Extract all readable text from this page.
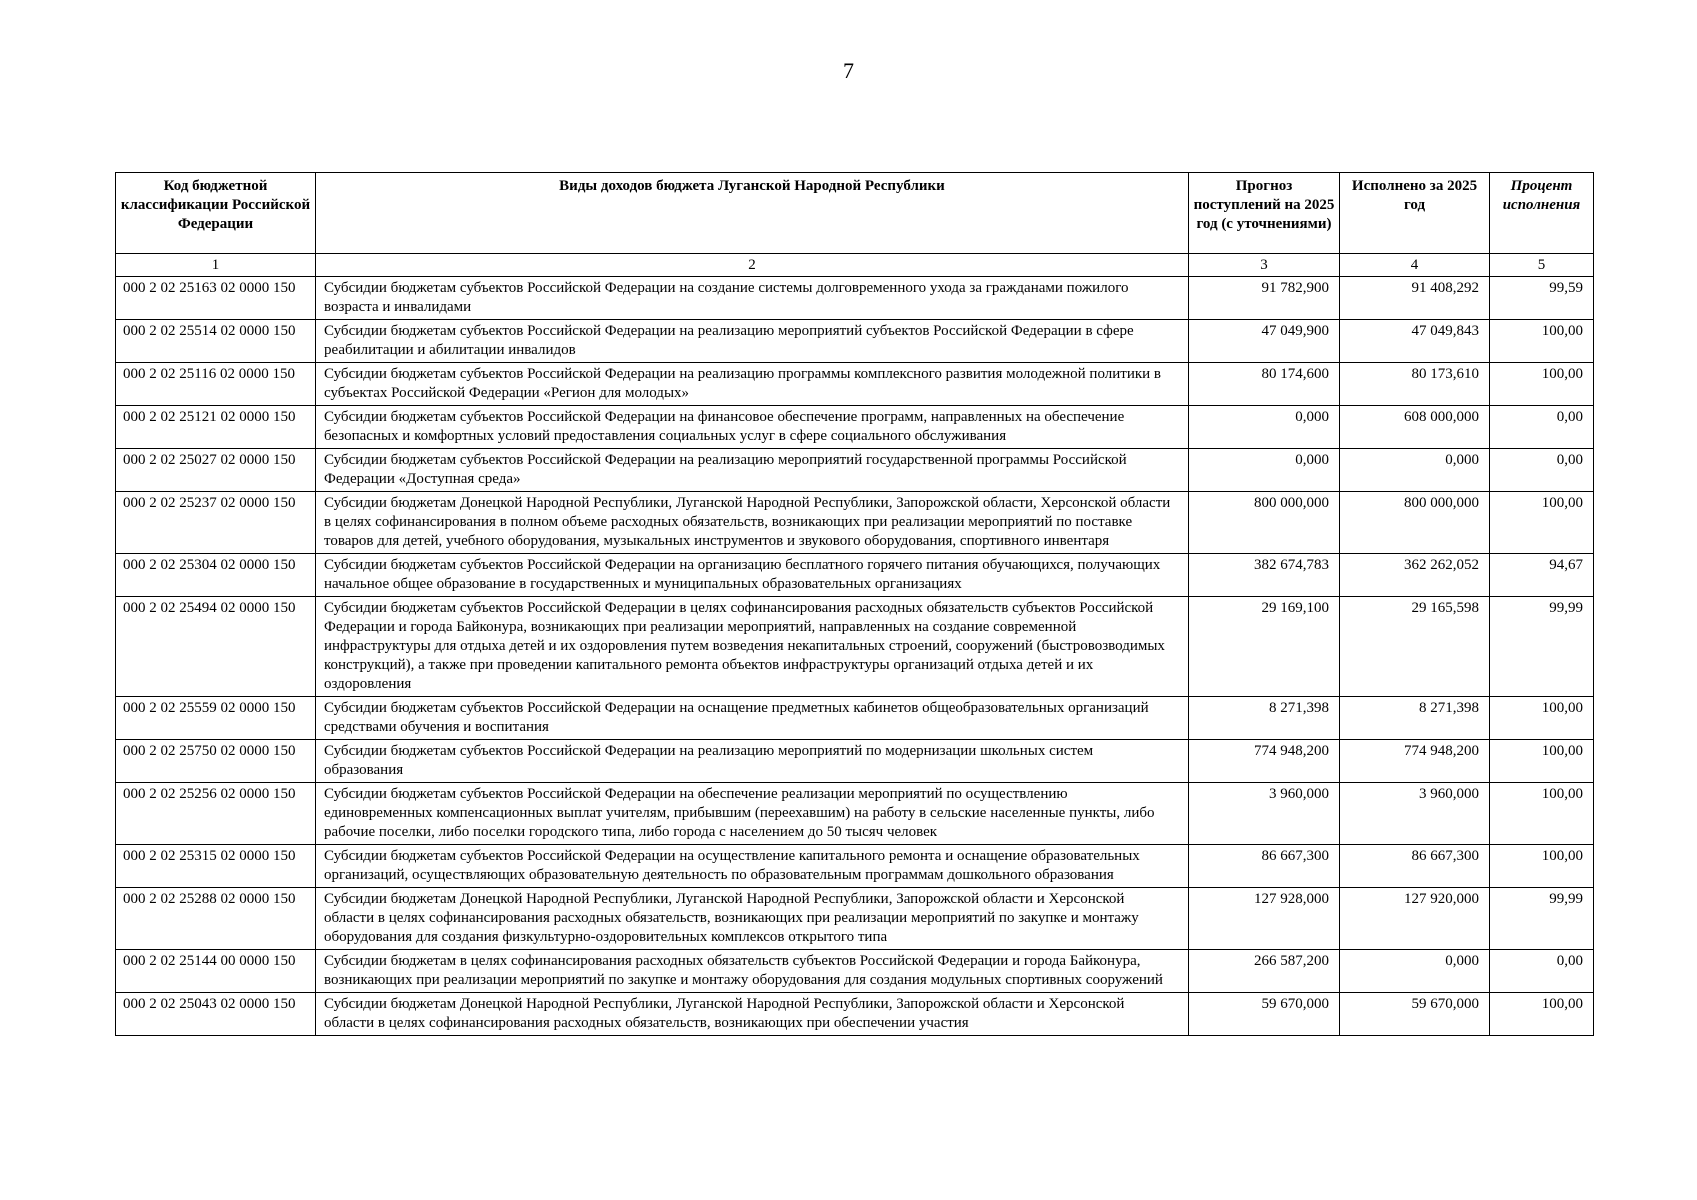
7
Код бюджетной классификации Российской Федерации	Виды доходов бюджета Луганской Народной Республики	Прогноз поступлений на 2025 год (с уточнениями)	Исполнено за 2025 год	Процент исполнения
1	2	3	4	5
000 2 02 25163 02 0000 150	Субсидии бюджетам субъектов Российской Федерации на создание системы долговременного ухода за гражданами пожилого возраста и инвалидами	91 782,900	91 408,292	99,59
000 2 02 25514 02 0000 150	Субсидии бюджетам субъектов Российской Федерации на реализацию мероприятий субъектов Российской Федерации в сфере реабилитации и абилитации инвалидов	47 049,900	47 049,843	100,00
000 2 02 25116 02 0000 150	Субсидии бюджетам субъектов Российской Федерации на реализацию программы комплексного развития молодежной политики в субъектах Российской Федерации «Регион для молодых»	80 174,600	80 173,610	100,00
000 2 02 25121 02 0000 150	Субсидии бюджетам субъектов Российской Федерации на финансовое обеспечение программ, направленных на обеспечение безопасных и комфортных условий предоставления социальных услуг в сфере социального обслуживания	0,000	608 000,000	0,00
000 2 02 25027 02 0000 150	Субсидии бюджетам субъектов Российской Федерации на реализацию мероприятий государственной программы Российской Федерации «Доступная среда»	0,000	0,000	0,00
000 2 02 25237 02 0000 150	Субсидии бюджетам Донецкой Народной Республики, Луганской Народной Республики, Запорожской области, Херсонской области в целях софинансирования в полном объеме расходных обязательств, возникающих при реализации мероприятий по поставке товаров для детей, учебного оборудования, музыкальных инструментов и звукового оборудования, спортивного инвентаря	800 000,000	800 000,000	100,00
000 2 02 25304 02 0000 150	Субсидии бюджетам субъектов Российской Федерации на организацию бесплатного горячего питания обучающихся, получающих начальное общее образование в государственных и муниципальных образовательных организациях	382 674,783	362 262,052	94,67
000 2 02 25494 02 0000 150	Субсидии бюджетам субъектов Российской Федерации в целях софинансирования расходных обязательств субъектов Российской Федерации и города Байконура, возникающих при реализации мероприятий, направленных на создание современной инфраструктуры для отдыха детей и их оздоровления путем возведения некапитальных строений, сооружений (быстровозводимых конструкций), а также при проведении капитального ремонта объектов инфраструктуры организаций отдыха детей и их оздоровления	29 169,100	29 165,598	99,99
000 2 02 25559 02 0000 150	Субсидии бюджетам субъектов Российской Федерации на оснащение предметных кабинетов общеобразовательных организаций средствами обучения и воспитания	8 271,398	8 271,398	100,00
000 2 02 25750 02 0000 150	Субсидии бюджетам субъектов Российской Федерации на реализацию мероприятий по модернизации школьных систем образования	774 948,200	774 948,200	100,00
000 2 02 25256 02 0000 150	Субсидии бюджетам субъектов Российской Федерации на обеспечение реализации мероприятий по осуществлению единовременных компенсационных выплат учителям, прибывшим (переехавшим) на работу в сельские населенные пункты, либо рабочие поселки, либо поселки городского типа, либо города с населением до 50 тысяч человек	3 960,000	3 960,000	100,00
000 2 02 25315 02 0000 150	Субсидии бюджетам субъектов Российской Федерации на осуществление капитального ремонта и оснащение образовательных организаций, осуществляющих образовательную деятельность по образовательным программам дошкольного образования	86 667,300	86 667,300	100,00
000 2 02 25288 02 0000 150	Субсидии бюджетам Донецкой Народной Республики, Луганской Народной Республики, Запорожской области и Херсонской области в целях софинансирования расходных обязательств, возникающих при реализации мероприятий по закупке и монтажу оборудования для создания физкультурно-оздоровительных комплексов открытого типа	127 928,000	127 920,000	99,99
000 2 02 25144 00 0000 150	Субсидии бюджетам в целях софинансирования расходных обязательств субъектов Российской Федерации и города Байконура, возникающих при реализации мероприятий по закупке и монтажу оборудования для создания модульных спортивных сооружений	266 587,200	0,000	0,00
000 2 02 25043 02 0000 150	Субсидии бюджетам Донецкой Народной Республики, Луганской Народной Республики, Запорожской области и Херсонской области в целях софинансирования расходных обязательств, возникающих при обеспечении участия	59 670,000	59 670,000	100,00
